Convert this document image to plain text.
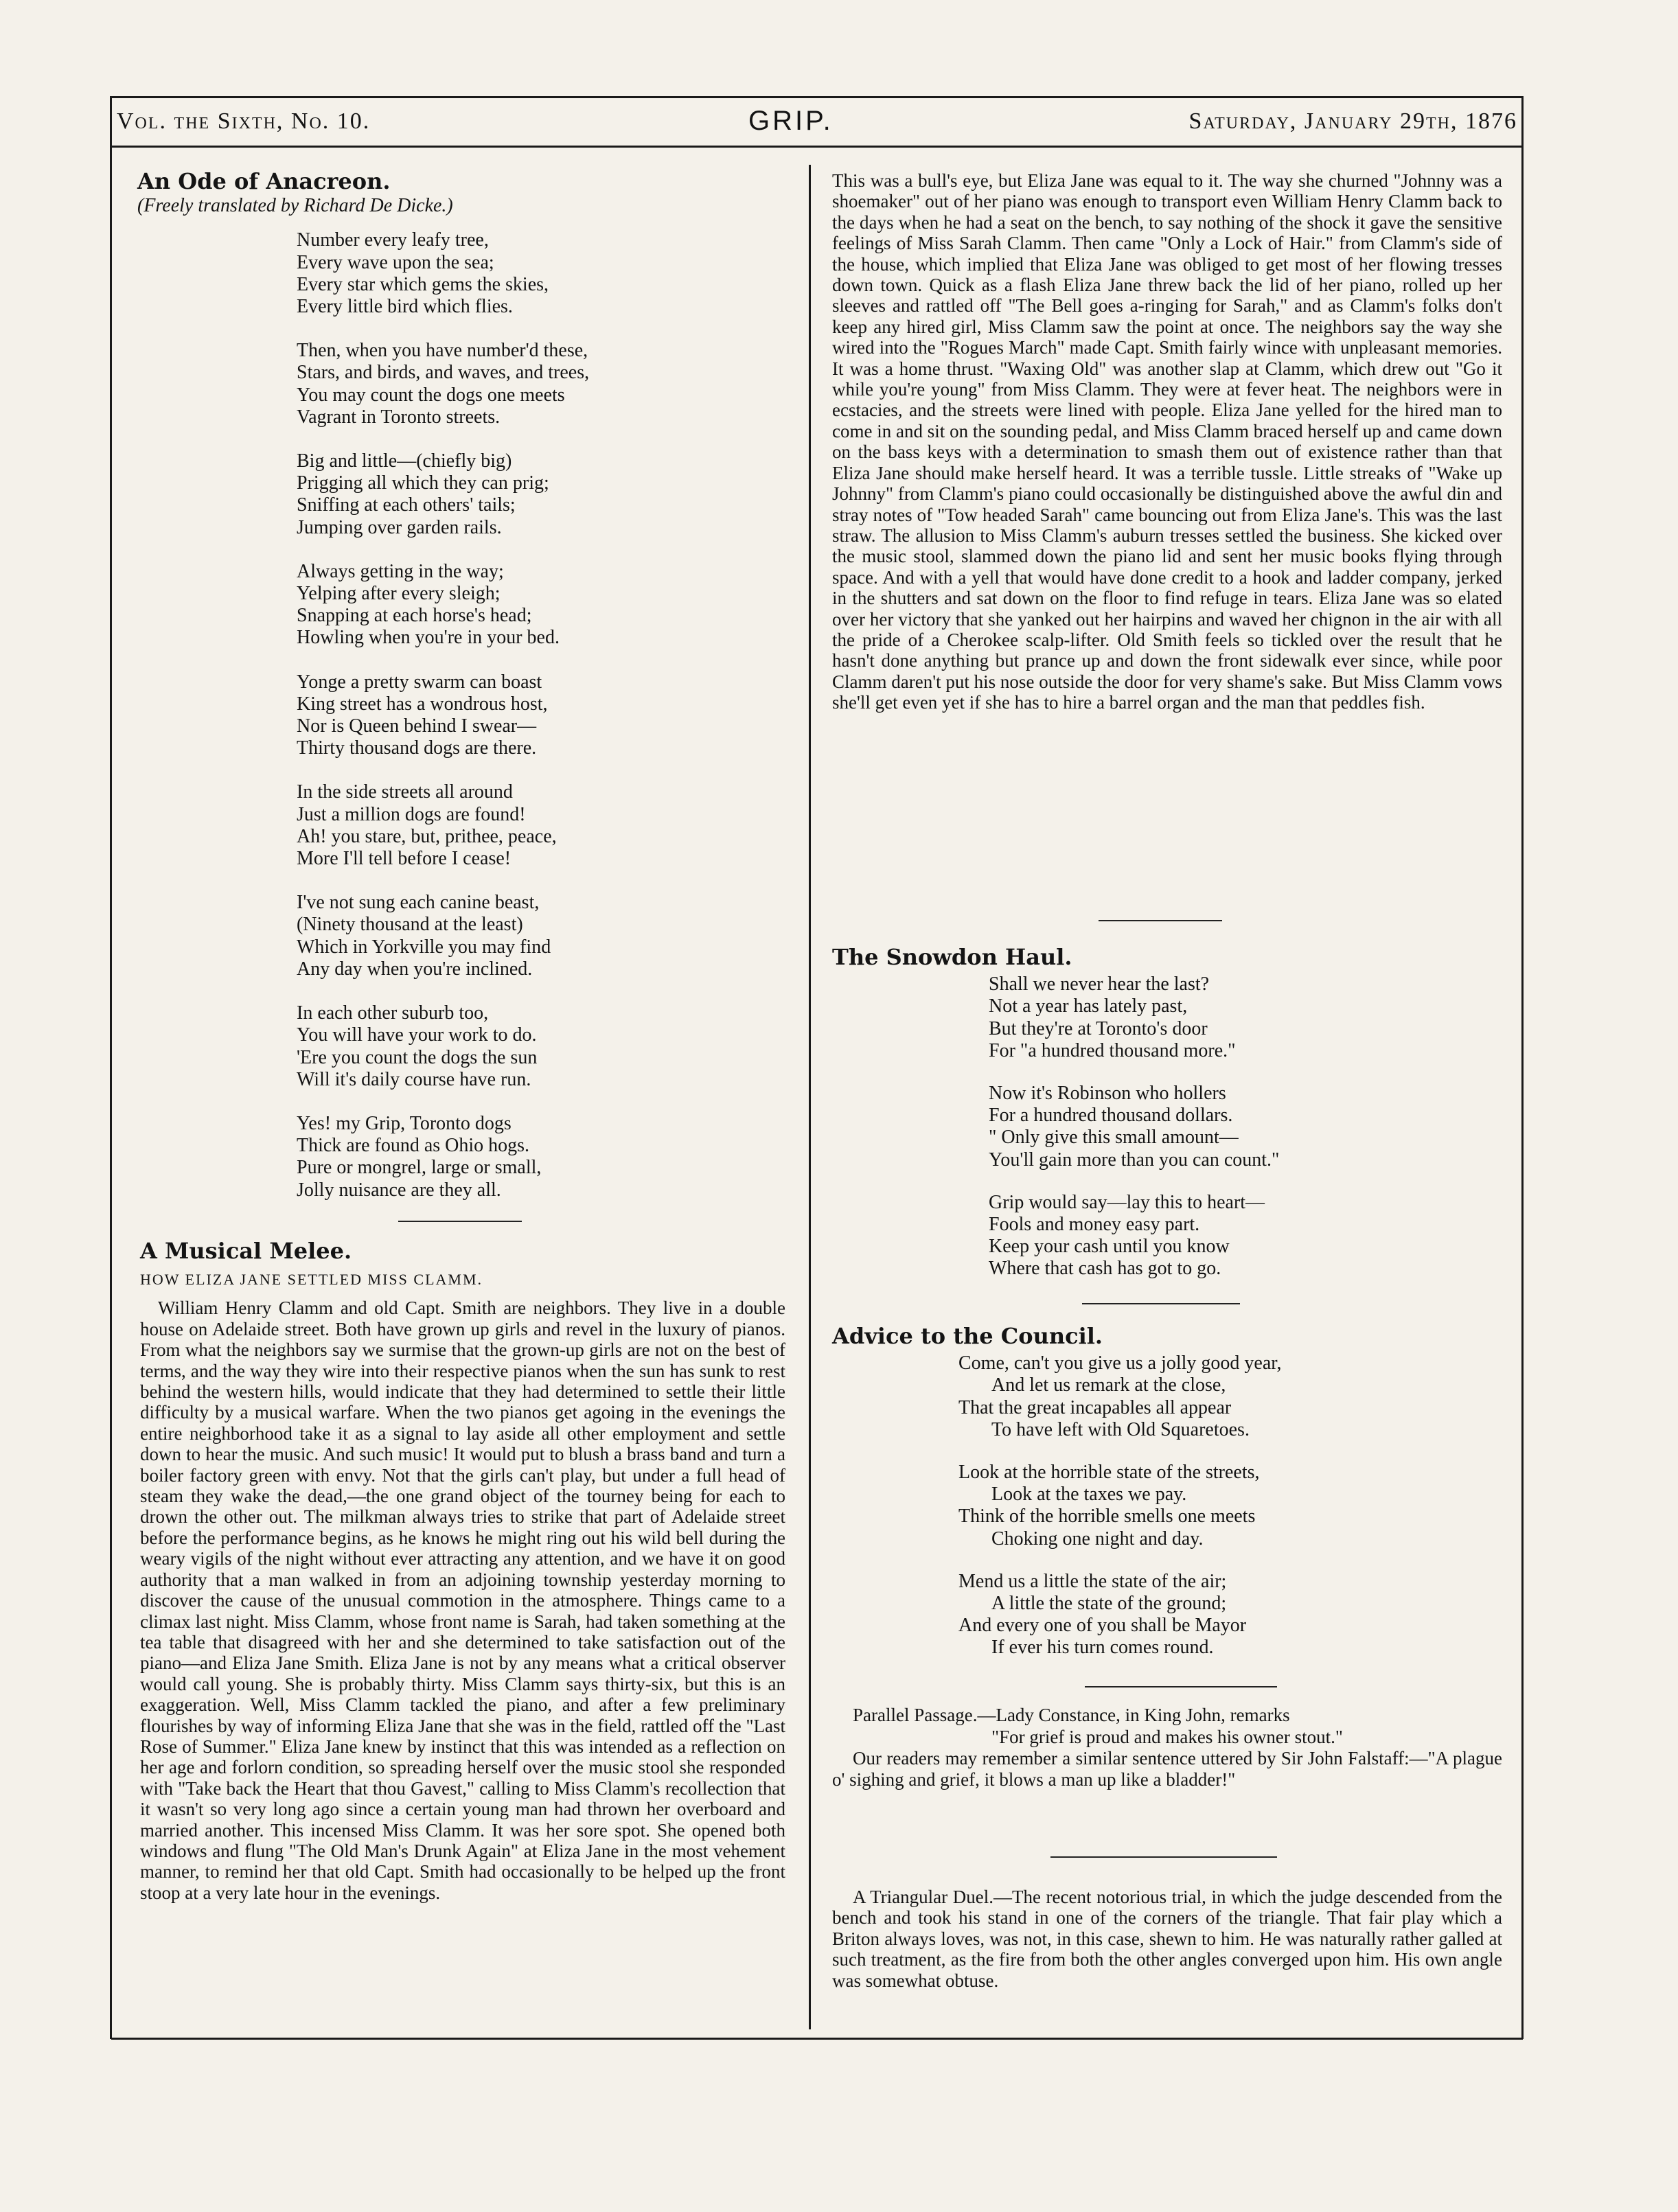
Vol. the Sixth, No. 10.	GRIP.	Saturday, January 29th, 1876

An Ode of Anacreon.

(Freely translated by Richard De Dicke.)

Number every leafy tree,
Every wave upon the sea;
Every star which gems the skies,
Every little bird which flies.
Then, when you have number'd these,
Stars, and birds, and waves, and trees,
You may count the dogs one meets
Vagrant in Toronto streets.
Big and little—(chiefly big)
Prigging all which they can prig;
Sniffing at each others' tails;
Jumping over garden rails.
Always getting in the way;
Yelping after every sleigh;
Snapping at each horse's head;
Howling when you're in your bed.
Yonge a pretty swarm can boast
King street has a wondrous host,
Nor is Queen behind I swear—
Thirty thousand dogs are there.
In the side streets all around
Just a million dogs are found!
Ah! you stare, but, prithee, peace,
More I'll tell before I cease!
I've not sung each canine beast,
(Ninety thousand at the least)
Which in Yorkville you may find
Any day when you're inclined.
In each other suburb too,
You will have your work to do.
'Ere you count the dogs the sun
Will it's daily course have run.
Yes! my Grip, Toronto dogs
Thick are found as Ohio hogs.
Pure or mongrel, large or small,
Jolly nuisance are they all.

A Musical Melee.

HOW ELIZA JANE SETTLED MISS CLAMM.

William Henry Clamm and old Capt. Smith are neighbors. They live in a double house on Adelaide street. Both have grown up girls and revel in the luxury of pianos. From what the neighbors say we surmise that the grown-up girls are not on the best of terms, and the way they wire into their respective pianos when the sun has sunk to rest behind the western hills, would indicate that they had determined to settle their little difficulty by a musical warfare. When the two pianos get agoing in the evenings the entire neighborhood take it as a signal to lay aside all other employment and settle down to hear the music. And such music! It would put to blush a brass band and turn a boiler factory green with envy. Not that the girls can't play, but under a full head of steam they wake the dead,—the one grand object of the tourney being for each to drown the other out. The milkman always tries to strike that part of Adelaide street before the performance begins, as he knows he might ring out his wild bell during the weary vigils of the night without ever attracting any attention, and we have it on good authority that a man walked in from an adjoining township yesterday morning to discover the cause of the unusual commotion in the atmosphere. Things came to a climax last night. Miss Clamm, whose front name is Sarah, had taken something at the tea table that disagreed with her and she determined to take satisfaction out of the piano—and Eliza Jane Smith. Eliza Jane is not by any means what a critical observer would call young. She is probably thirty. Miss Clamm says thirty-six, but this is an exaggeration. Well, Miss Clamm tackled the piano, and after a few preliminary flourishes by way of informing Eliza Jane that she was in the field, rattled off the "Last Rose of Summer." Eliza Jane knew by instinct that this was intended as a reflection on her age and forlorn condition, so spreading herself over the music stool she responded with "Take back the Heart that thou Gavest," calling to Miss Clamm's recollection that it wasn't so very long ago since a certain young man had thrown her overboard and married another. This incensed Miss Clamm. It was her sore spot. She opened both windows and flung "The Old Man's Drunk Again" at Eliza Jane in the most vehement manner, to remind her that old Capt. Smith had occasionally to be helped up the front stoop at a very late hour in the evenings.

This was a bull's eye, but Eliza Jane was equal to it. The way she churned "Johnny was a shoemaker" out of her piano was enough to transport even William Henry Clamm back to the days when he had a seat on the bench, to say nothing of the shock it gave the sensitive feelings of Miss Sarah Clamm. Then came "Only a Lock of Hair." from Clamm's side of the house, which implied that Eliza Jane was obliged to get most of her flowing tresses down town. Quick as a flash Eliza Jane threw back the lid of her piano, rolled up her sleeves and rattled off "The Bell goes a-ringing for Sarah," and as Clamm's folks don't keep any hired girl, Miss Clamm saw the point at once. The neighbors say the way she wired into the "Rogues March" made Capt. Smith fairly wince with unpleasant memories. It was a home thrust. "Waxing Old" was another slap at Clamm, which drew out "Go it while you're young" from Miss Clamm. They were at fever heat. The neighbors were in ecstacies, and the streets were lined with people. Eliza Jane yelled for the hired man to come in and sit on the sounding pedal, and Miss Clamm braced herself up and came down on the bass keys with a determination to smash them out of existence rather than that Eliza Jane should make herself heard. It was a terrible tussle. Little streaks of "Wake up Johnny" from Clamm's piano could occasionally be distinguished above the awful din and stray notes of "Tow headed Sarah" came bouncing out from Eliza Jane's. This was the last straw. The allusion to Miss Clamm's auburn tresses settled the business. She kicked over the music stool, slammed down the piano lid and sent her music books flying through space. And with a yell that would have done credit to a hook and ladder company, jerked in the shutters and sat down on the floor to find refuge in tears. Eliza Jane was so elated over her victory that she yanked out her hairpins and waved her chignon in the air with all the pride of a Cherokee scalp-lifter. Old Smith feels so tickled over the result that he hasn't done anything but prance up and down the front sidewalk ever since, while poor Clamm daren't put his nose outside the door for very shame's sake. But Miss Clamm vows she'll get even yet if she has to hire a barrel organ and the man that peddles fish.

The Snowdon Haul.

Shall we never hear the last?
Not a year has lately past,
But they're at Toronto's door
For "a hundred thousand more."
Now it's Robinson who hollers
For a hundred thousand dollars.
" Only give this small amount—
You'll gain more than you can count."
Grip would say—lay this to heart—
Fools and money easy part.
Keep your cash until you know
Where that cash has got to go.

Advice to the Council.

Come, can't you give us a jolly good year,
And let us remark at the close,
That the great incapables all appear
To have left with Old Squaretoes.
Look at the horrible state of the streets,
Look at the taxes we pay.
Think of the horrible smells one meets
Choking one night and day.
Mend us a little the state of the air;
A little the state of the ground;
And every one of you shall be Mayor
If ever his turn comes round.

Parallel Passage.—Lady Constance, in King John, remarks

"For grief is proud and makes his owner stout."

Our readers may remember a similar sentence uttered by Sir John Falstaff:—"A plague o' sighing and grief, it blows a man up like a bladder!"

A Triangular Duel.—The recent notorious trial, in which the judge descended from the bench and took his stand in one of the corners of the triangle. That fair play which a Briton always loves, was not, in this case, shewn to him. He was naturally rather galled at such treatment, as the fire from both the other angles converged upon him. His own angle was somewhat obtuse.
